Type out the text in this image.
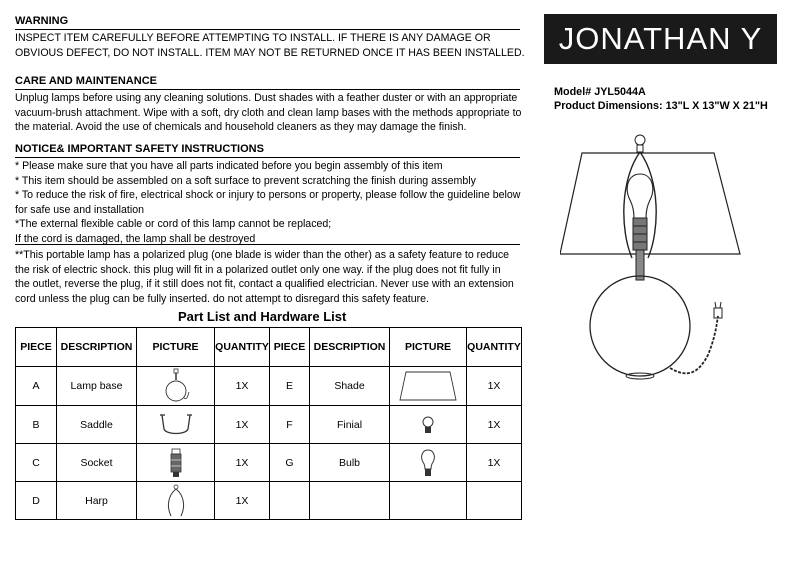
WARNING
INSPECT ITEM CAREFULLY BEFORE ATTEMPTING TO INSTALL. IF THERE IS ANY DAMAGE OR
OBVIOUS DEFECT, DO NOT INSTALL. ITEM MAY NOT BE RETURNED ONCE IT HAS BEEN INSTALLED.
CARE AND MAINTENANCE
Unplug lamps before using any cleaning solutions. Dust shades with a feather duster or with an appropriate
vacuum-brush attachment. Wipe with a soft, dry cloth and clean lamp bases with the methods appropriate to
the material. Avoid the use of chemicals and household cleaners as they may damage the finish.
NOTICE& IMPORTANT SAFETY INSTRUCTIONS
* Please make sure that you have all parts indicated before you begin assembly of this item
* This item should be assembled on a soft surface to prevent scratching the finish during assembly
* To reduce the risk of fire, electrical shock or injury to persons or property, please follow the guideline below
for safe use and installation
*The external flexible cable or cord of this lamp cannot be replaced;
If the cord is damaged, the lamp shall be destroyed
**This portable lamp has a polarized plug (one blade is wider than the other) as a safety feature to reduce
the risk of electric shock. this plug will fit in a polarized outlet only one way. if the plug does not fit fully in
the outlet, reverse the plug, if it still does not fit, contact a qualified electrician. Never use with an extension
cord unless the plug can be fully inserted. do not attempt to disregard this safety feature.
JONATHAN Y
Model# JYL5044A
Product Dimensions: 13"L X 13"W X 21"H
Part List and Hardware List
PIECE	DESCRIPTION	PICTURE	QUANTITY	PIECE	DESCRIPTION	PICTURE	QUANTITY
A	Lamp base		1X	E	Shade		1X
B	Saddle		1X	F	Finial		1X
C	Socket		1X	G	Bulb		1X
D	Harp		1X				
